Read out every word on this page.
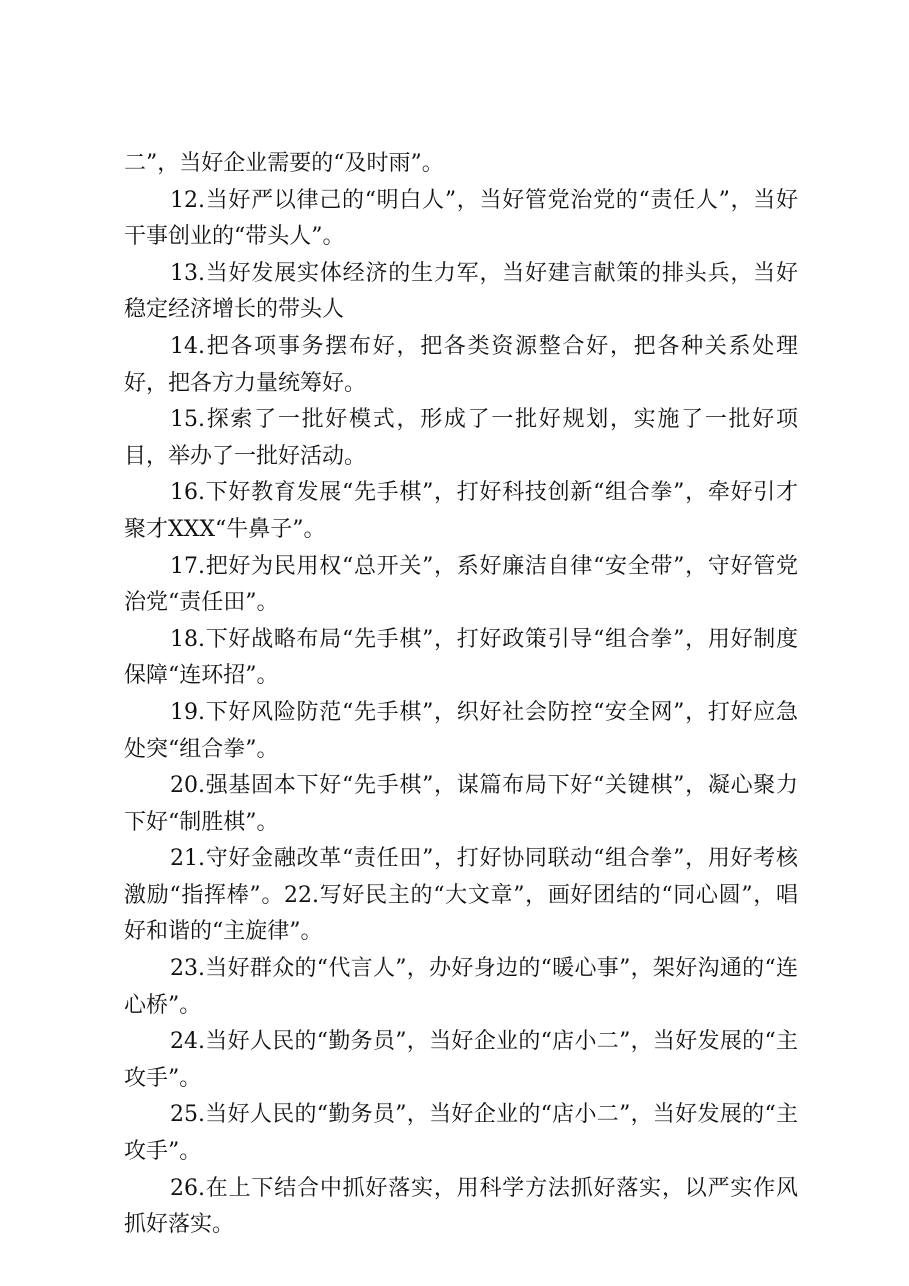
二”，当好企业需要的“及时雨”。

12.当好严以律己的“明白人”，当好管党治党的“责任人”，当好干事创业的“带头人”。

13.当好发展实体经济的生力军，当好建言献策的排头兵，当好稳定经济增长的带头人

14.把各项事务摆布好，把各类资源整合好，把各种关系处理好，把各方力量统筹好。

15.探索了一批好模式，形成了一批好规划，实施了一批好项目，举办了一批好活动。

16.下好教育发展“先手棋”，打好科技创新“组合拳”，牵好引才聚才XXX“牛鼻子”。

17.把好为民用权“总开关”，系好廉洁自律“安全带”，守好管党治党“责任田”。

18.下好战略布局“先手棋”，打好政策引导“组合拳”，用好制度保障“连环招”。

19.下好风险防范“先手棋”，织好社会防控“安全网”，打好应急处突“组合拳”。

20.强基固本下好“先手棋”，谋篇布局下好“关键棋”，凝心聚力下好“制胜棋”。

21.守好金融改革“责任田”，打好协同联动“组合拳”，用好考核激励“指挥棒”。22.写好民主的“大文章”，画好团结的“同心圆”，唱好和谐的“主旋律”。

23.当好群众的“代言人”，办好身边的“暖心事”，架好沟通的“连心桥”。

24.当好人民的“勤务员”，当好企业的“店小二”，当好发展的“主攻手”。

25.当好人民的“勤务员”，当好企业的“店小二”，当好发展的“主攻手”。

26.在上下结合中抓好落实，用科学方法抓好落实，以严实作风抓好落实。
